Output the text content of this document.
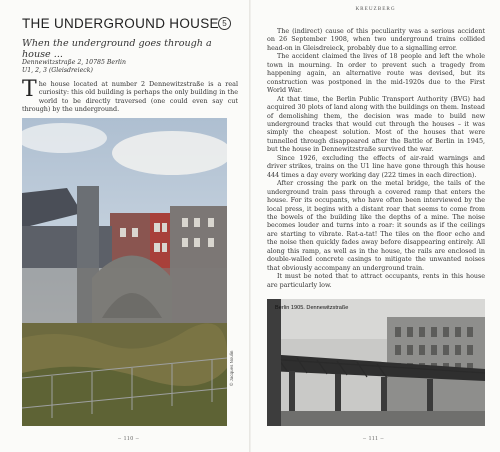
THE UNDERGROUND HOUSE 5
When the underground goes through a house ...
Dennewitzstraße 2, 10785 Berlin
U1, 2, 3 (Gleisdreieck)
The house located at number 2 Dennewitzstraße is a real curiosity: this old building is perhaps the only building in the world to be directly traversed (one could even say cut through) by the underground.
© Jacques Noulin
– 110 –
KREUZBERG

The (indirect) cause of this peculiarity was a serious accident on 26 September 1908, when two underground trains collided head-on in Gleisdreieck, probably due to a signalling error.

The accident claimed the lives of 18 people and left the whole town in mourning. In order to prevent such a tragedy from happening again, an alternative route was devised, but its construction was postponed in the mid-1920s due to the First World War.

At that time, the Berlin Public Transport Authority (BVG) had acquired 30 plots of land along with the buildings on them. Instead of demolishing them, the decision was made to build new underground tracks that would cut through the houses – it was simply the cheapest solution. Most of the houses that were tunnelled through disappeared after the Battle of Berlin in 1945, but the house in Dennewitzstraße survived the war.

Since 1926, excluding the effects of air-raid warnings and driver strikes, trains on the U1 line have gone through this house 444 times a day every working day (222 times in each direction).

After crossing the park on the metal bridge, the tails of the underground train pass through a covered ramp that enters the house. For its occupants, who have often been interviewed by the local press, it begins with a distant roar that seems to come from the bowels of the building like the depths of a mine. The noise becomes louder and turns into a roar: it sounds as if the ceilings are starting to vibrate. Rat-a-tat! The tiles on the floor echo and the noise then quickly fades away before disappearing entirely. All along this ramp, as well as in the house, the rails are enclosed in double-walled concrete casings to mitigate the unwanted noises that obviously accompany an underground train.

It must be noted that to attract occupants, rents in this house are particularly low.

Berlin 1905. Dennewitzstraße
– 111 –
